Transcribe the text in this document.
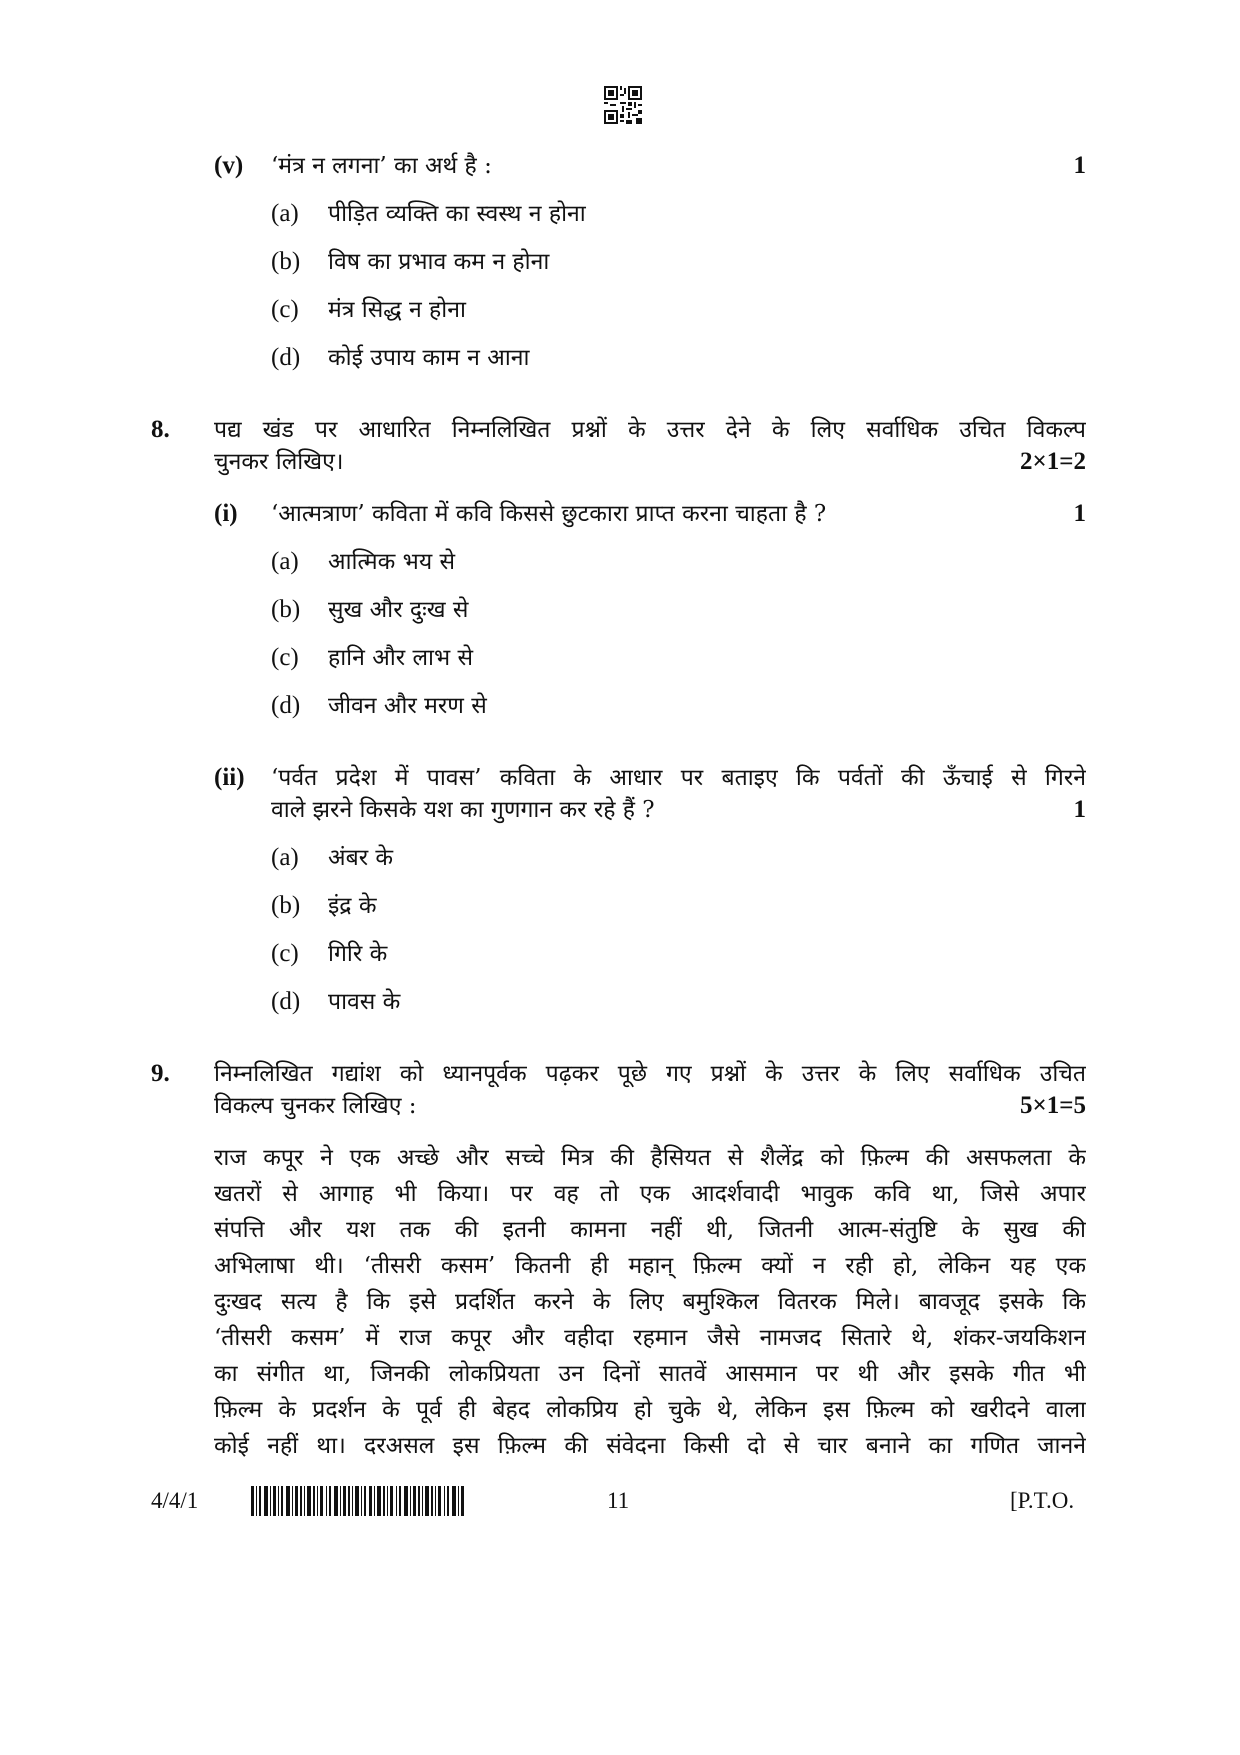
(v) ‘मंत्र न लगना’ का अर्थ है :	1
(a) पीड़ित व्यक्ति का स्वस्थ न होना
(b) विष का प्रभाव कम न होना
(c) मंत्र सिद्ध न होना
(d) कोई उपाय काम न आना
8. पद्य खंड पर आधारित निम्नलिखित प्रश्नों के उत्तर देने के लिए सर्वाधिक उचित विकल्प
चुनकर लिखिए।	2×1=2
(i) ‘आत्मत्राण’ कविता में कवि किससे छुटकारा प्राप्त करना चाहता है ?	1
(a) आत्मिक भय से
(b) सुख और दुःख से
(c) हानि और लाभ से
(d) जीवन और मरण से
(ii) ‘पर्वत प्रदेश में पावस’ कविता के आधार पर बताइए कि पर्वतों की ऊँचाई से गिरने
वाले झरने किसके यश का गुणगान कर रहे हैं ?	1
(a) अंबर के
(b) इंद्र के
(c) गिरि के
(d) पावस के
9. निम्नलिखित गद्यांश को ध्यानपूर्वक पढ़कर पूछे गए प्रश्नों के उत्तर के लिए सर्वाधिक उचित
विकल्प चुनकर लिखिए :	5×1=5
राज कपूर ने एक अच्छे और सच्चे मित्र की हैसियत से शैलेंद्र को फ़िल्म की असफलता के
खतरों से आगाह भी किया। पर वह तो एक आदर्शवादी भावुक कवि था, जिसे अपार
संपत्ति और यश तक की इतनी कामना नहीं थी, जितनी आत्म-संतुष्टि के सुख की
अभिलाषा थी। ‘तीसरी कसम’ कितनी ही महान् फ़िल्म क्यों न रही हो, लेकिन यह एक
दुःखद सत्य है कि इसे प्रदर्शित करने के लिए बमुश्किल वितरक मिले। बावजूद इसके कि
‘तीसरी कसम’ में राज कपूर और वहीदा रहमान जैसे नामजद सितारे थे, शंकर-जयकिशन
का संगीत था, जिनकी लोकप्रियता उन दिनों सातवें आसमान पर थी और इसके गीत भी
फ़िल्म के प्रदर्शन के पूर्व ही बेहद लोकप्रिय हो चुके थे, लेकिन इस फ़िल्म को खरीदने वाला
कोई नहीं था। दरअसल इस फ़िल्म की संवेदना किसी दो से चार बनाने का गणित जानने
4/4/1	11	[P.T.O.
